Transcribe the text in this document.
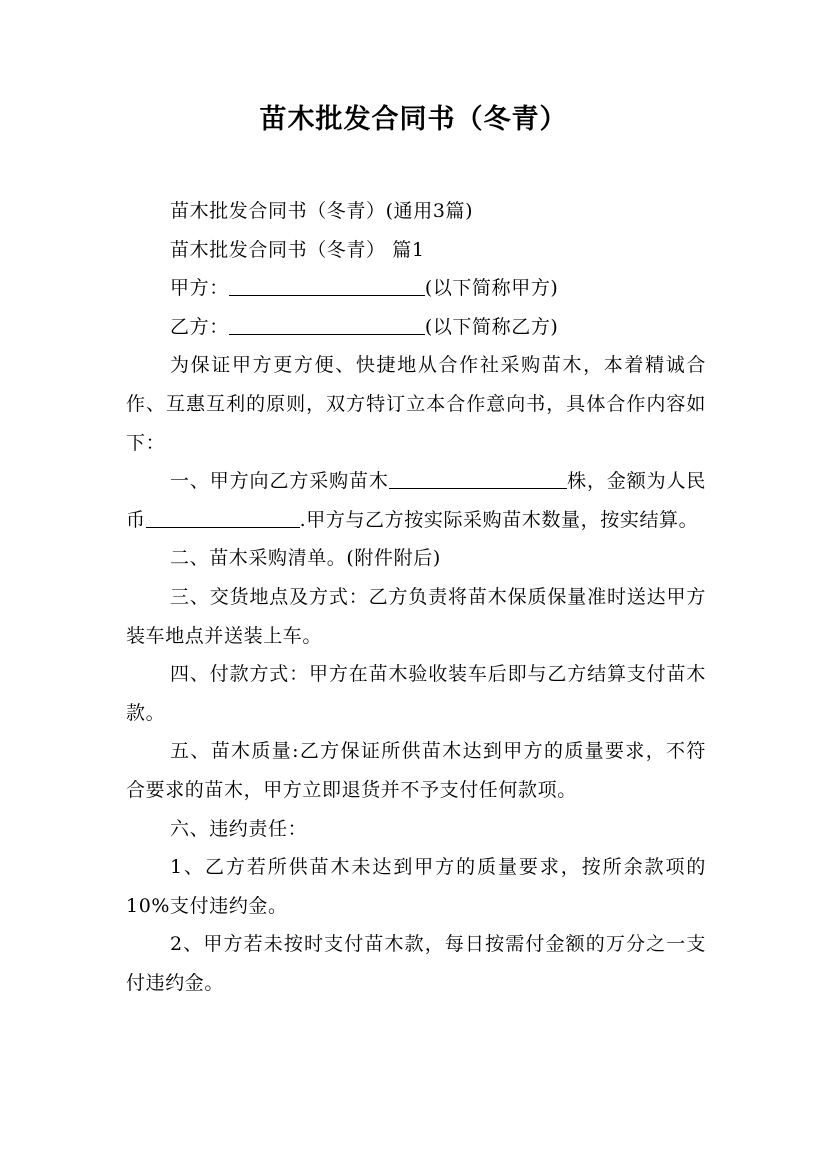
苗木批发合同书（冬青）

苗木批发合同书（冬青）(通用3篇)

苗木批发合同书（冬青） 篇1

甲方：	(以下简称甲方)

乙方：	(以下简称乙方)

为保证甲方更方便、快捷地从合作社采购苗木，本着精诚合作、互惠互利的原则，双方特订立本合作意向书，具体合作内容如下：

一、甲方向乙方采购苗木	株，金额为人民币	.甲方与乙方按实际采购苗木数量，按实结算。

二、苗木采购清单。(附件附后)

三、交货地点及方式：乙方负责将苗木保质保量准时送达甲方装车地点并送装上车。

四、付款方式：甲方在苗木验收装车后即与乙方结算支付苗木款。

五、苗木质量:乙方保证所供苗木达到甲方的质量要求，不符合要求的苗木，甲方立即退货并不予支付任何款项。

六、违约责任：

1、乙方若所供苗木未达到甲方的质量要求，按所余款项的10%支付违约金。

2、甲方若未按时支付苗木款，每日按需付金额的万分之一支付违约金。
